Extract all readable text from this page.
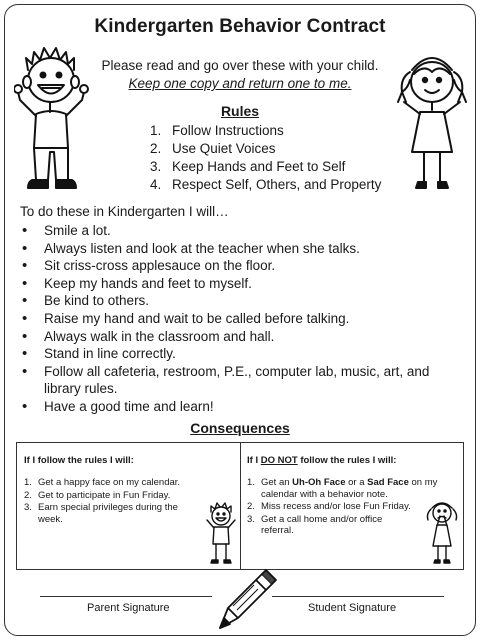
Kindergarten Behavior Contract
Please read and go over these with your child.
Keep one copy and return one to me.
Rules
1. Follow Instructions
2. Use Quiet Voices
3. Keep Hands and Feet to Self
4. Respect Self, Others, and Property
To do these in Kindergarten I will…
• Smile a lot.
• Always listen and look at the teacher when she talks.
• Sit criss-cross applesauce on the floor.
• Keep my hands and feet to myself.
• Be kind to others.
• Raise my hand and wait to be called before talking.
• Always walk in the classroom and hall.
• Stand in line correctly.
• Follow all cafeteria, restroom, P.E., computer lab, music, art, and library rules.
• Have a good time and learn!
Consequences
If I follow the rules I will:
1. Get a happy face on my calendar.
2. Get to participate in Fun Friday.
3. Earn special privileges during the week.
If I DO NOT follow the rules I will:
1. Get an Uh-Oh Face or a Sad Face on my calendar with a behavior note.
2. Miss recess and/or lose Fun Friday.
3. Get a call home and/or office referral.
Parent Signature	Student Signature
